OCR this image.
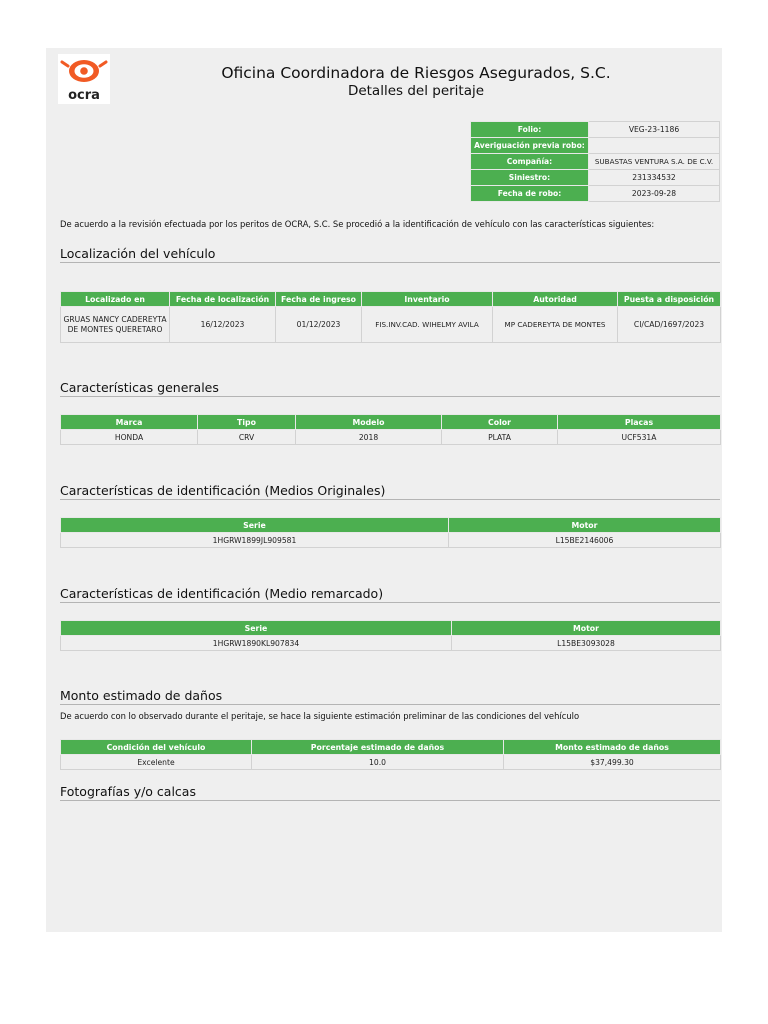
ocra
Oficina Coordinadora de Riesgos Asegurados, S.C.
Detalles del peritaje
Folio:	VEG-23-1186
Averiguación previa robo:	
Compañía:	SUBASTAS VENTURA S.A. DE C.V.
Siniestro:	231334532
Fecha de robo:	2023-09-28
De acuerdo a la revisión efectuada por los peritos de OCRA, S.C. Se procedió a la identificación de vehículo con las características siguientes:
Localización del vehículo
Localizado en	Fecha de localización	Fecha de ingreso	Inventario	Autoridad	Puesta a disposición
GRUAS NANCY CADEREYTA DE MONTES QUERETARO	16/12/2023	01/12/2023	FIS.INV.CAD. WIHELMY AVILA	MP CADEREYTA DE MONTES	CI/CAD/1697/2023
Características generales
Marca	Tipo	Modelo	Color	Placas
HONDA	CRV	2018	PLATA	UCF531A
Características de identificación (Medios Originales)
Serie	Motor
1HGRW1899JL909581	L15BE2146006
Características de identificación (Medio remarcado)
Serie	Motor
1HGRW1890KL907834	L15BE3093028
Monto estimado de daños
De acuerdo con lo observado durante el peritaje, se hace la siguiente estimación preliminar de las condiciones del vehículo
Condición del vehículo	Porcentaje estimado de daños	Monto estimado de daños
Excelente	10.0	$37,499.30
Fotografías y/o calcas
